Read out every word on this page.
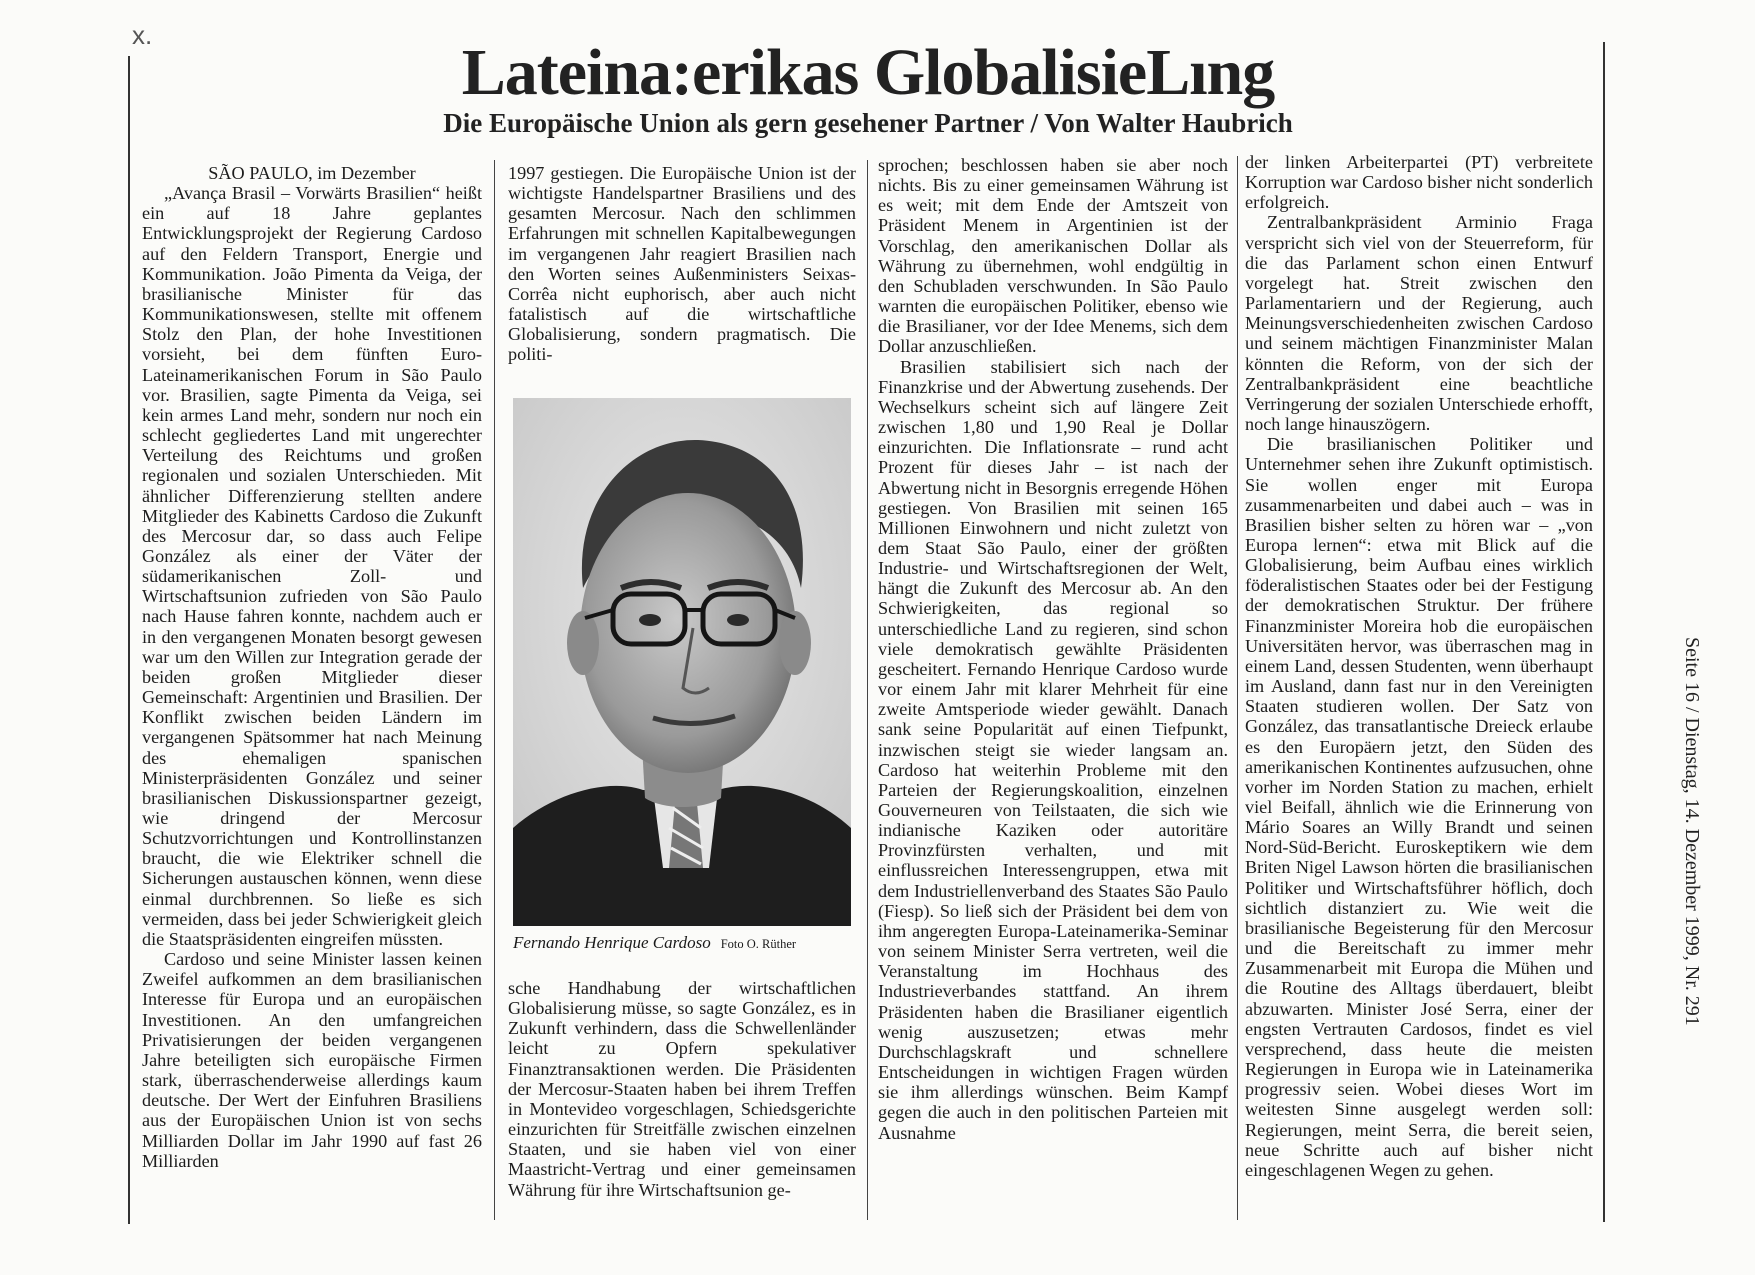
x.
Lateina​:​erikas Globalisie​L​ıng
Die Europäische Union als gern gesehener Partner / Von Walter Haubrich

SÃO PAULO, im Dezember

„Avança Brasil – Vorwärts Brasilien“ heißt ein auf 18 Jahre geplantes Entwicklungsprojekt der Regierung Cardoso auf den Feldern Transport, Energie und Kommunikation. João Pimenta da Veiga, der brasilianische Minister für das Kommunikationswesen, stellte mit offenem Stolz den Plan, der hohe Investitionen vorsieht, bei dem fünften Euro-Lateinamerikanischen Forum in São Paulo vor. Brasilien, sagte Pimenta da Veiga, sei kein armes Land mehr, sondern nur noch ein schlecht gegliedertes Land mit ungerechter Verteilung des Reichtums und großen regionalen und sozialen Unterschieden. Mit ähnlicher Differenzierung stellten andere Mitglieder des Kabinetts Cardoso die Zukunft des Mercosur dar, so dass auch Felipe González als einer der Väter der südamerikanischen Zoll- und Wirtschaftsunion zufrieden von São Paulo nach Hause fahren konnte, nachdem auch er in den vergangenen Monaten besorgt gewesen war um den Willen zur Integration gerade der beiden großen Mitglieder dieser Gemeinschaft: Argentinien und Brasilien. Der Konflikt zwischen beiden Ländern im vergangenen Spätsommer hat nach Meinung des ehemaligen spanischen Ministerpräsidenten González und seiner brasilianischen Diskussionspartner gezeigt, wie dringend der Mercosur Schutzvorrichtungen und Kontrollinstanzen braucht, die wie Elektriker schnell die Sicherungen austauschen können, wenn diese einmal durchbrennen. So ließe es sich vermeiden, dass bei jeder Schwierigkeit gleich die Staatspräsidenten eingreifen müssten.

Cardoso und seine Minister lassen keinen Zweifel aufkommen an dem brasilianischen Interesse für Europa und an europäischen Investitionen. An den umfangreichen Privatisierungen der beiden vergangenen Jahre beteiligten sich europäische Firmen stark, überraschenderweise allerdings kaum deutsche. Der Wert der Einfuhren Brasiliens aus der Europäischen Union ist von sechs Milliarden Dollar im Jahr 1990 auf fast 26 Milliarden

1997 gestiegen. Die Europäische Union ist der wichtigste Handelspartner Brasiliens und des gesamten Mercosur. Nach den schlimmen Erfahrungen mit schnellen Kapitalbewegungen im vergangenen Jahr reagiert Brasilien nach den Worten seines Außenministers Seixas-Corrêa nicht euphorisch, aber auch nicht fatalistisch auf die wirtschaftliche Globalisierung, sondern pragmatisch. Die politi-

Fernando Henrique Cardoso Foto O. Rüther

sche Handhabung der wirtschaftlichen Globalisierung müsse, so sagte González, es in Zukunft verhindern, dass die Schwellenländer leicht zu Opfern spekulativer Finanztransaktionen werden. Die Präsidenten der Mercosur-Staaten haben bei ihrem Treffen in Montevideo vorgeschlagen, Schiedsgerichte einzurichten für Streitfälle zwischen einzelnen Staaten, und sie haben viel von einer Maastricht-Vertrag und einer gemeinsamen Währung für ihre Wirtschaftsunion ge-

sprochen; beschlossen haben sie aber noch nichts. Bis zu einer gemeinsamen Währung ist es weit; mit dem Ende der Amtszeit von Präsident Menem in Argentinien ist der Vorschlag, den amerikanischen Dollar als Währung zu übernehmen, wohl endgültig in den Schubladen verschwunden. In São Paulo warnten die europäischen Politiker, ebenso wie die Brasilianer, vor der Idee Menems, sich dem Dollar anzuschließen.

Brasilien stabilisiert sich nach der Finanzkrise und der Abwertung zusehends. Der Wechselkurs scheint sich auf längere Zeit zwischen 1,80 und 1,90 Real je Dollar einzurichten. Die Inflationsrate – rund acht Prozent für dieses Jahr – ist nach der Abwertung nicht in Besorgnis erregende Höhen gestiegen. Von Brasilien mit seinen 165 Millionen Einwohnern und nicht zuletzt von dem Staat São Paulo, einer der größten Industrie- und Wirtschaftsregionen der Welt, hängt die Zukunft des Mercosur ab. An den Schwierigkeiten, das regional so unterschiedliche Land zu regieren, sind schon viele demokratisch gewählte Präsidenten gescheitert. Fernando Henrique Cardoso wurde vor einem Jahr mit klarer Mehrheit für eine zweite Amtsperiode wieder gewählt. Danach sank seine Popularität auf einen Tiefpunkt, inzwischen steigt sie wieder langsam an. Cardoso hat weiterhin Probleme mit den Parteien der Regierungskoalition, einzelnen Gouverneuren von Teilstaaten, die sich wie indianische Kaziken oder autoritäre Provinzfürsten verhalten, und mit einflussreichen Interessengruppen, etwa mit dem Industriellenverband des Staates São Paulo (Fiesp). So ließ sich der Präsident bei dem von ihm angeregten Europa-Lateinamerika-Seminar von seinem Minister Serra vertreten, weil die Veranstaltung im Hochhaus des Industrieverbandes stattfand. An ihrem Präsidenten haben die Brasilianer eigentlich wenig auszusetzen; etwas mehr Durchschlagskraft und schnellere Entscheidungen in wichtigen Fragen würden sie ihm allerdings wünschen. Beim Kampf gegen die auch in den politischen Parteien mit Ausnahme

der linken Arbeiterpartei (PT) verbreitete Korruption war Cardoso bisher nicht sonderlich erfolgreich.

Zentralbankpräsident Arminio Fraga verspricht sich viel von der Steuerreform, für die das Parlament schon einen Entwurf vorgelegt hat. Streit zwischen den Parlamentariern und der Regierung, auch Meinungsverschiedenheiten zwischen Cardoso und seinem mächtigen Finanzminister Malan könnten die Reform, von der sich der Zentralbankpräsident eine beachtliche Verringerung der sozialen Unterschiede erhofft, noch lange hinauszögern.

Die brasilianischen Politiker und Unternehmer sehen ihre Zukunft optimistisch. Sie wollen enger mit Europa zusammenarbeiten und dabei auch – was in Brasilien bisher selten zu hören war – „von Europa lernen“: etwa mit Blick auf die Globalisierung, beim Aufbau eines wirklich föderalistischen Staates oder bei der Festigung der demokratischen Struktur. Der frühere Finanzminister Moreira hob die europäischen Universitäten hervor, was überraschen mag in einem Land, dessen Studenten, wenn überhaupt im Ausland, dann fast nur in den Vereinigten Staaten studieren wollen. Der Satz von González, das transatlantische Dreieck erlaube es den Europäern jetzt, den Süden des amerikanischen Kontinentes aufzusuchen, ohne vorher im Norden Station zu machen, erhielt viel Beifall, ähnlich wie die Erinnerung von Mário Soares an Willy Brandt und seinen Nord-Süd-Bericht. Euroskeptikern wie dem Briten Nigel Lawson hörten die brasilianischen Politiker und Wirtschaftsführer höflich, doch sichtlich distanziert zu. Wie weit die brasilianische Begeisterung für den Mercosur und die Bereitschaft zu immer mehr Zusammenarbeit mit Europa die Mühen und die Routine des Alltags überdauert, bleibt abzuwarten. Minister José Serra, einer der engsten Vertrauten Cardosos, findet es viel versprechend, dass heute die meisten Regierungen in Europa wie in Lateinamerika progressiv seien. Wobei dieses Wort im weitesten Sinne ausgelegt werden soll: Regierungen, meint Serra, die bereit seien, neue Schritte auch auf bisher nicht eingeschlagenen Wegen zu gehen.

Seite 16 / Dienstag, 14. Dezember 1999, Nr. 291
